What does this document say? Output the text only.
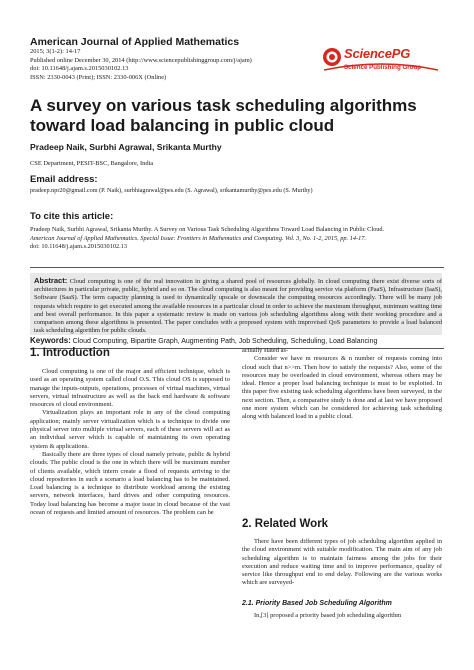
American Journal of Applied Mathematics
2015; 3(1-2): 14-17
Published online December 30, 2014 (http://www.sciencepublishinggroup.com/j/ajam)
doi: 10.11648/j.ajam.s.2015030102.13
ISSN: 2330-0043 (Print); ISSN: 2330-006X (Online)
SciencePG
Science Publishing Group
A survey on various task scheduling algorithms toward load balancing in public cloud
Pradeep Naik, Surbhi Agrawal, Srikanta Murthy
CSE Department, PESIT-BSC, Bangalore, India
Email address:
pradeep.npr20@gmail.com (P. Naik), surbhiagrawal@pes.edu (S. Agrawal), srikantamurthy@pes.edu (S. Murthy)
To cite this article:
Pradeep Naik, Surbhi Agrawal, Srikanta Murthy. A Survey on Various Task Scheduling Algorithms Toward Load Balancing in Public Cloud.
American Journal of Applied Mathematics. Special Issue: Frontiers in Mathematics and Computing. Vol. 3, No. 1-2, 2015, pp. 14-17.
doi: 10.11648/j.ajam.s.2015030102.13
Abstract: Cloud computing is one of the real innovation in giving a shared pool of resources globally. In cloud computing there exist diverse sorts of architectures in particular private, public, hybrid and so on. The cloud computing is also meant for providing service via platform (PaaS), Infrastructure (IaaS), Software (SaaS). The term capacity planning is used to dynamically upscale or downscale the computing resources accordingly. There will be many job requests which require to get executed among the available resources in a particular cloud in order to achieve the maximum throughput, minimum waiting time and best overall performance. In this paper a systematic review is made on various job scheduling algorithms along with their working procedure and a comparison among these algorithms is presented. The paper concludes with a proposed system with improvised QoS parameters to provide a load balanced task scheduling algorithm for public clouds.
Keywords: Cloud Computing, Bipartite Graph, Augmenting Path, Job Scheduling, Scheduling, Load Balancing
1. Introduction

Cloud computing is one of the major and efficient technique, which is used as an operating system called cloud O.S. This cloud OS is supposed to manage the inputs-outputs, operations, processes of virtual machines, virtual servers, virtual infrastructure as well as the back end hardware & software resources of cloud environment.

Virtualization plays an important role in any of the cloud computing application; mainly server virtualization which is a technique to divide one physical server into multiple virtual servers, each of these servers will act as an individual server which is capable of maintaining its own operating system & applications.

Basically there are three types of cloud namely private, public & hybrid clouds. The public cloud is the one in which there will be maximum number of clients available, which intern create a flood of requests arriving to the cloud repositories in such a scenario a load balancing has to be maintained. Load balancing is a technique to distribute workload among the existing servers, network interfaces, hard drives and other computing resources. Today load balancing has become a major issue in cloud because of the vast ocean of requests and limited amount of resources. The problem can be

actually stated as-

Consider we have m resources & n number of requests coming into cloud such that n>>m. Then how to satisfy the requests? Also, some of the resources may be overloaded in cloud environment, whereas others may be ideal. Hence a proper load balancing technique is must to be exploited. In this paper five existing task scheduling algorithms have been surveyed, in the next section. Then, a comparative study is done and at last we have proposed one more system which can be considered for achieving task scheduling along with balanced load in a public cloud.

2. Related Work

There have been different types of job scheduling algorithm applied in the cloud environment with suitable modification. The main aim of any job scheduling algorithm is to maintain fairness among the jobs for their execution and reduce waiting time and to improve performance, quality of service like throughput end to end delay. Following are the various works which are surveyed-

2.1. Priority Based Job Scheduling Algorithm

In,[3] proposed a priority based job scheduling algorithm
